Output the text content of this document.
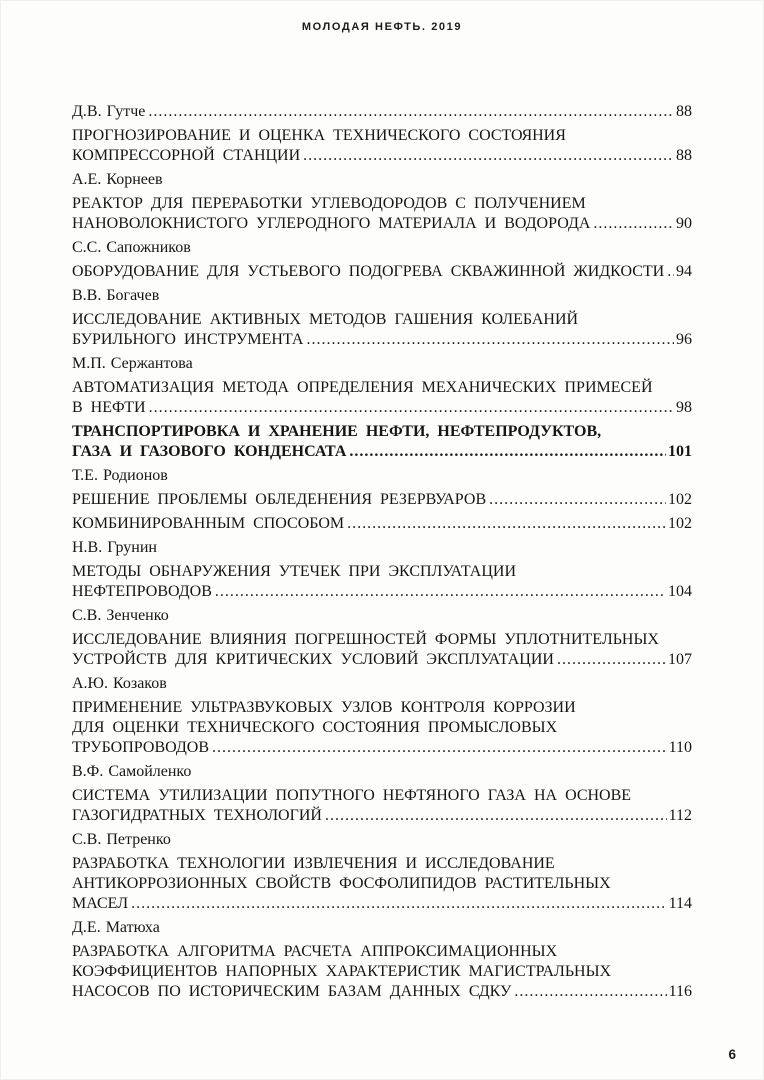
МОЛОДАЯ НЕФТЬ. 2019
Д.В. Гутче .....	88
ПРОГНОЗИРОВАНИЕ И ОЦЕНКА ТЕХНИЧЕСКОГО СОСТОЯНИЯ
КОМПРЕССОРНОЙ СТАНЦИИ .....	88
А.Е. Корнеев
РЕАКТОР ДЛЯ ПЕРЕРАБОТКИ УГЛЕВОДОРОДОВ С ПОЛУЧЕНИЕМ
НАНОВОЛОКНИСТОГО УГЛЕРОДНОГО МАТЕРИАЛА И ВОДОРОДА .....	90
С.С. Сапожников
ОБОРУДОВАНИЕ ДЛЯ УСТЬЕВОГО ПОДОГРЕВА СКВАЖИННОЙ ЖИДКОСТИ ..... 94
В.В. Богачев
ИССЛЕДОВАНИЕ АКТИВНЫХ МЕТОДОВ ГАШЕНИЯ КОЛЕБАНИЙ
БУРИЛЬНОГО ИНСТРУМЕНТА .....	96
М.П. Сержантова
АВТОМАТИЗАЦИЯ МЕТОДА ОПРЕДЕЛЕНИЯ МЕХАНИЧЕСКИХ ПРИМЕСЕЙ
В НЕФТИ .....	98
ТРАНСПОРТИРОВКА И ХРАНЕНИЕ НЕФТИ, НЕФТЕПРОДУКТОВ,
ГАЗА И ГАЗОВОГО КОНДЕНСАТА .....	101
Т.Е. Родионов
РЕШЕНИЕ ПРОБЛЕМЫ ОБЛЕДЕНЕНИЯ РЕЗЕРВУАРОВ .....	102
КОМБИНИРОВАННЫМ СПОСОБОМ .....	102
Н.В. Грунин
МЕТОДЫ ОБНАРУЖЕНИЯ УТЕЧЕК ПРИ ЭКСПЛУАТАЦИИ
НЕФТЕПРОВОДОВ .....	104
С.В. Зенченко
ИССЛЕДОВАНИЕ ВЛИЯНИЯ ПОГРЕШНОСТЕЙ ФОРМЫ УПЛОТНИТЕЛЬНЫХ
УСТРОЙСТВ ДЛЯ КРИТИЧЕСКИХ УСЛОВИЙ ЭКСПЛУАТАЦИИ .....	107
А.Ю. Козаков
ПРИМЕНЕНИЕ УЛЬТРАЗВУКОВЫХ УЗЛОВ КОНТРОЛЯ КОРРОЗИИ
ДЛЯ ОЦЕНКИ ТЕХНИЧЕСКОГО СОСТОЯНИЯ ПРОМЫСЛОВЫХ
ТРУБОПРОВОДОВ .....	110
В.Ф. Самойленко
СИСТЕМА УТИЛИЗАЦИИ ПОПУТНОГО НЕФТЯНОГО ГАЗА НА ОСНОВЕ
ГАЗОГИДРАТНЫХ ТЕХНОЛОГИЙ .....	112
С.В. Петренко
РАЗРАБОТКА ТЕХНОЛОГИИ ИЗВЛЕЧЕНИЯ И ИССЛЕДОВАНИЕ
АНТИКОРРОЗИОННЫХ СВОЙСТВ ФОСФОЛИПИДОВ РАСТИТЕЛЬНЫХ
МАСЕЛ .....	114
Д.Е. Матюха
РАЗРАБОТКА АЛГОРИТМА РАСЧЕТА АППРОКСИМАЦИОННЫХ
КОЭФФИЦИЕНТОВ НАПОРНЫХ ХАРАКТЕРИСТИК МАГИСТРАЛЬНЫХ
НАСОСОВ ПО ИСТОРИЧЕСКИМ БАЗАМ ДАННЫХ СДКУ .....	116
6
